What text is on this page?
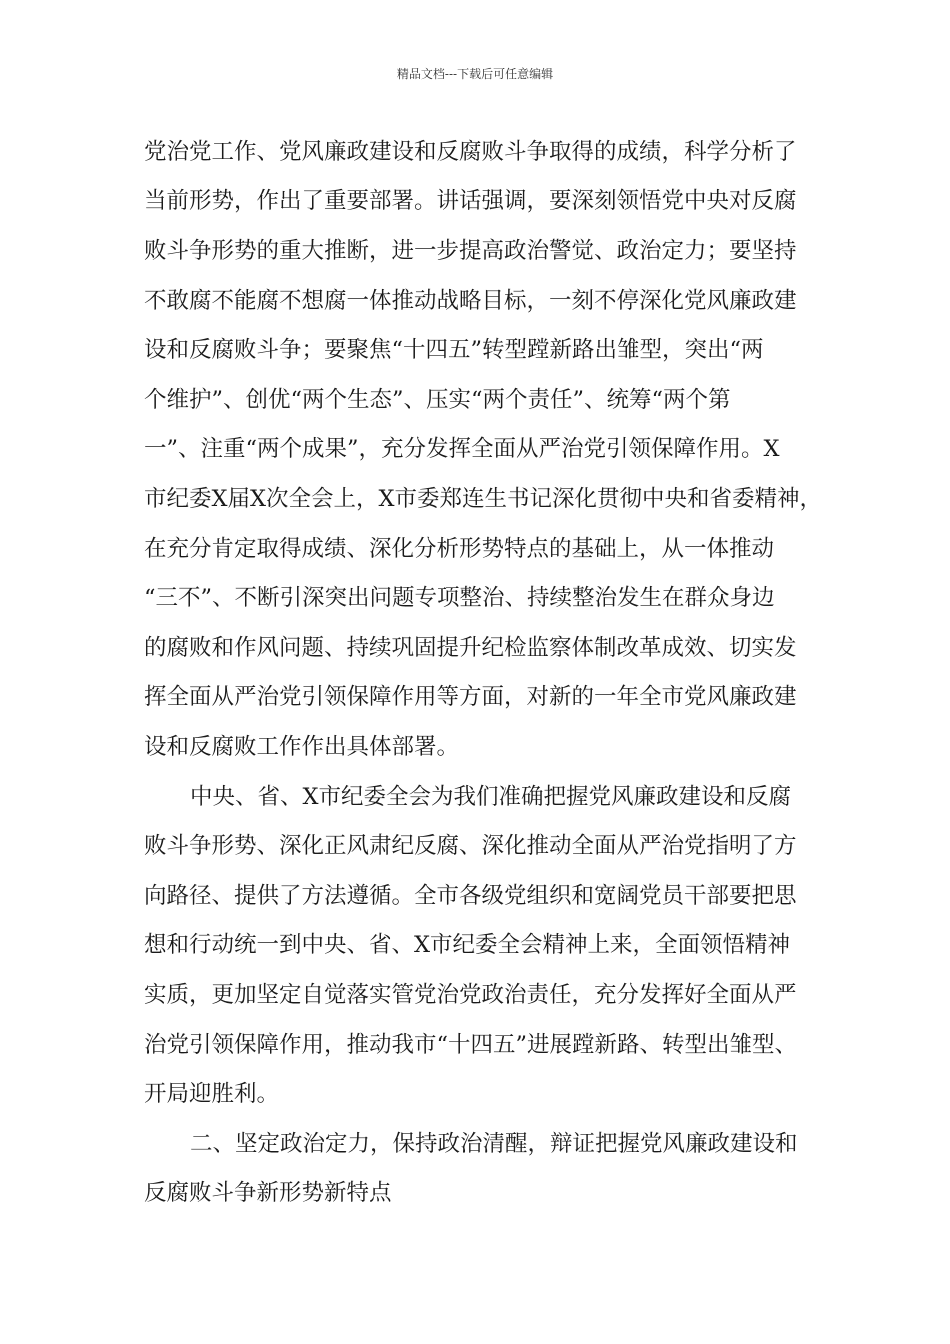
精品文档---下载后可任意编辑
党治党工作、党风廉政建设和反腐败斗争取得的成绩，科学分析了
当前形势，作出了重要部署。讲话强调，要深刻领悟党中央对反腐
败斗争形势的重大推断，进一步提高政治警觉、政治定力；要坚持
不敢腐不能腐不想腐一体推动战略目标，一刻不停深化党风廉政建
设和反腐败斗争；要聚焦“十四五”转型蹚新路出雏型，突出“两
个维护”、创优“两个生态”、压实“两个责任”、统筹“两个第
一”、注重“两个成果”，充分发挥全面从严治党引领保障作用。X
市纪委X届X次全会上，X市委郑连生书记深化贯彻中央和省委精神，
在充分肯定取得成绩、深化分析形势特点的基础上，从一体推动
“三不”、不断引深突出问题专项整治、持续整治发生在群众身边
的腐败和作风问题、持续巩固提升纪检监察体制改革成效、切实发
挥全面从严治党引领保障作用等方面，对新的一年全市党风廉政建
设和反腐败工作作出具体部署。
中央、省、X市纪委全会为我们准确把握党风廉政建设和反腐
败斗争形势、深化正风肃纪反腐、深化推动全面从严治党指明了方
向路径、提供了方法遵循。全市各级党组织和宽阔党员干部要把思
想和行动统一到中央、省、X市纪委全会精神上来，全面领悟精神
实质，更加坚定自觉落实管党治党政治责任，充分发挥好全面从严
治党引领保障作用，推动我市“十四五”进展蹚新路、转型出雏型、
开局迎胜利。
二、坚定政治定力，保持政治清醒，辩证把握党风廉政建设和
反腐败斗争新形势新特点
